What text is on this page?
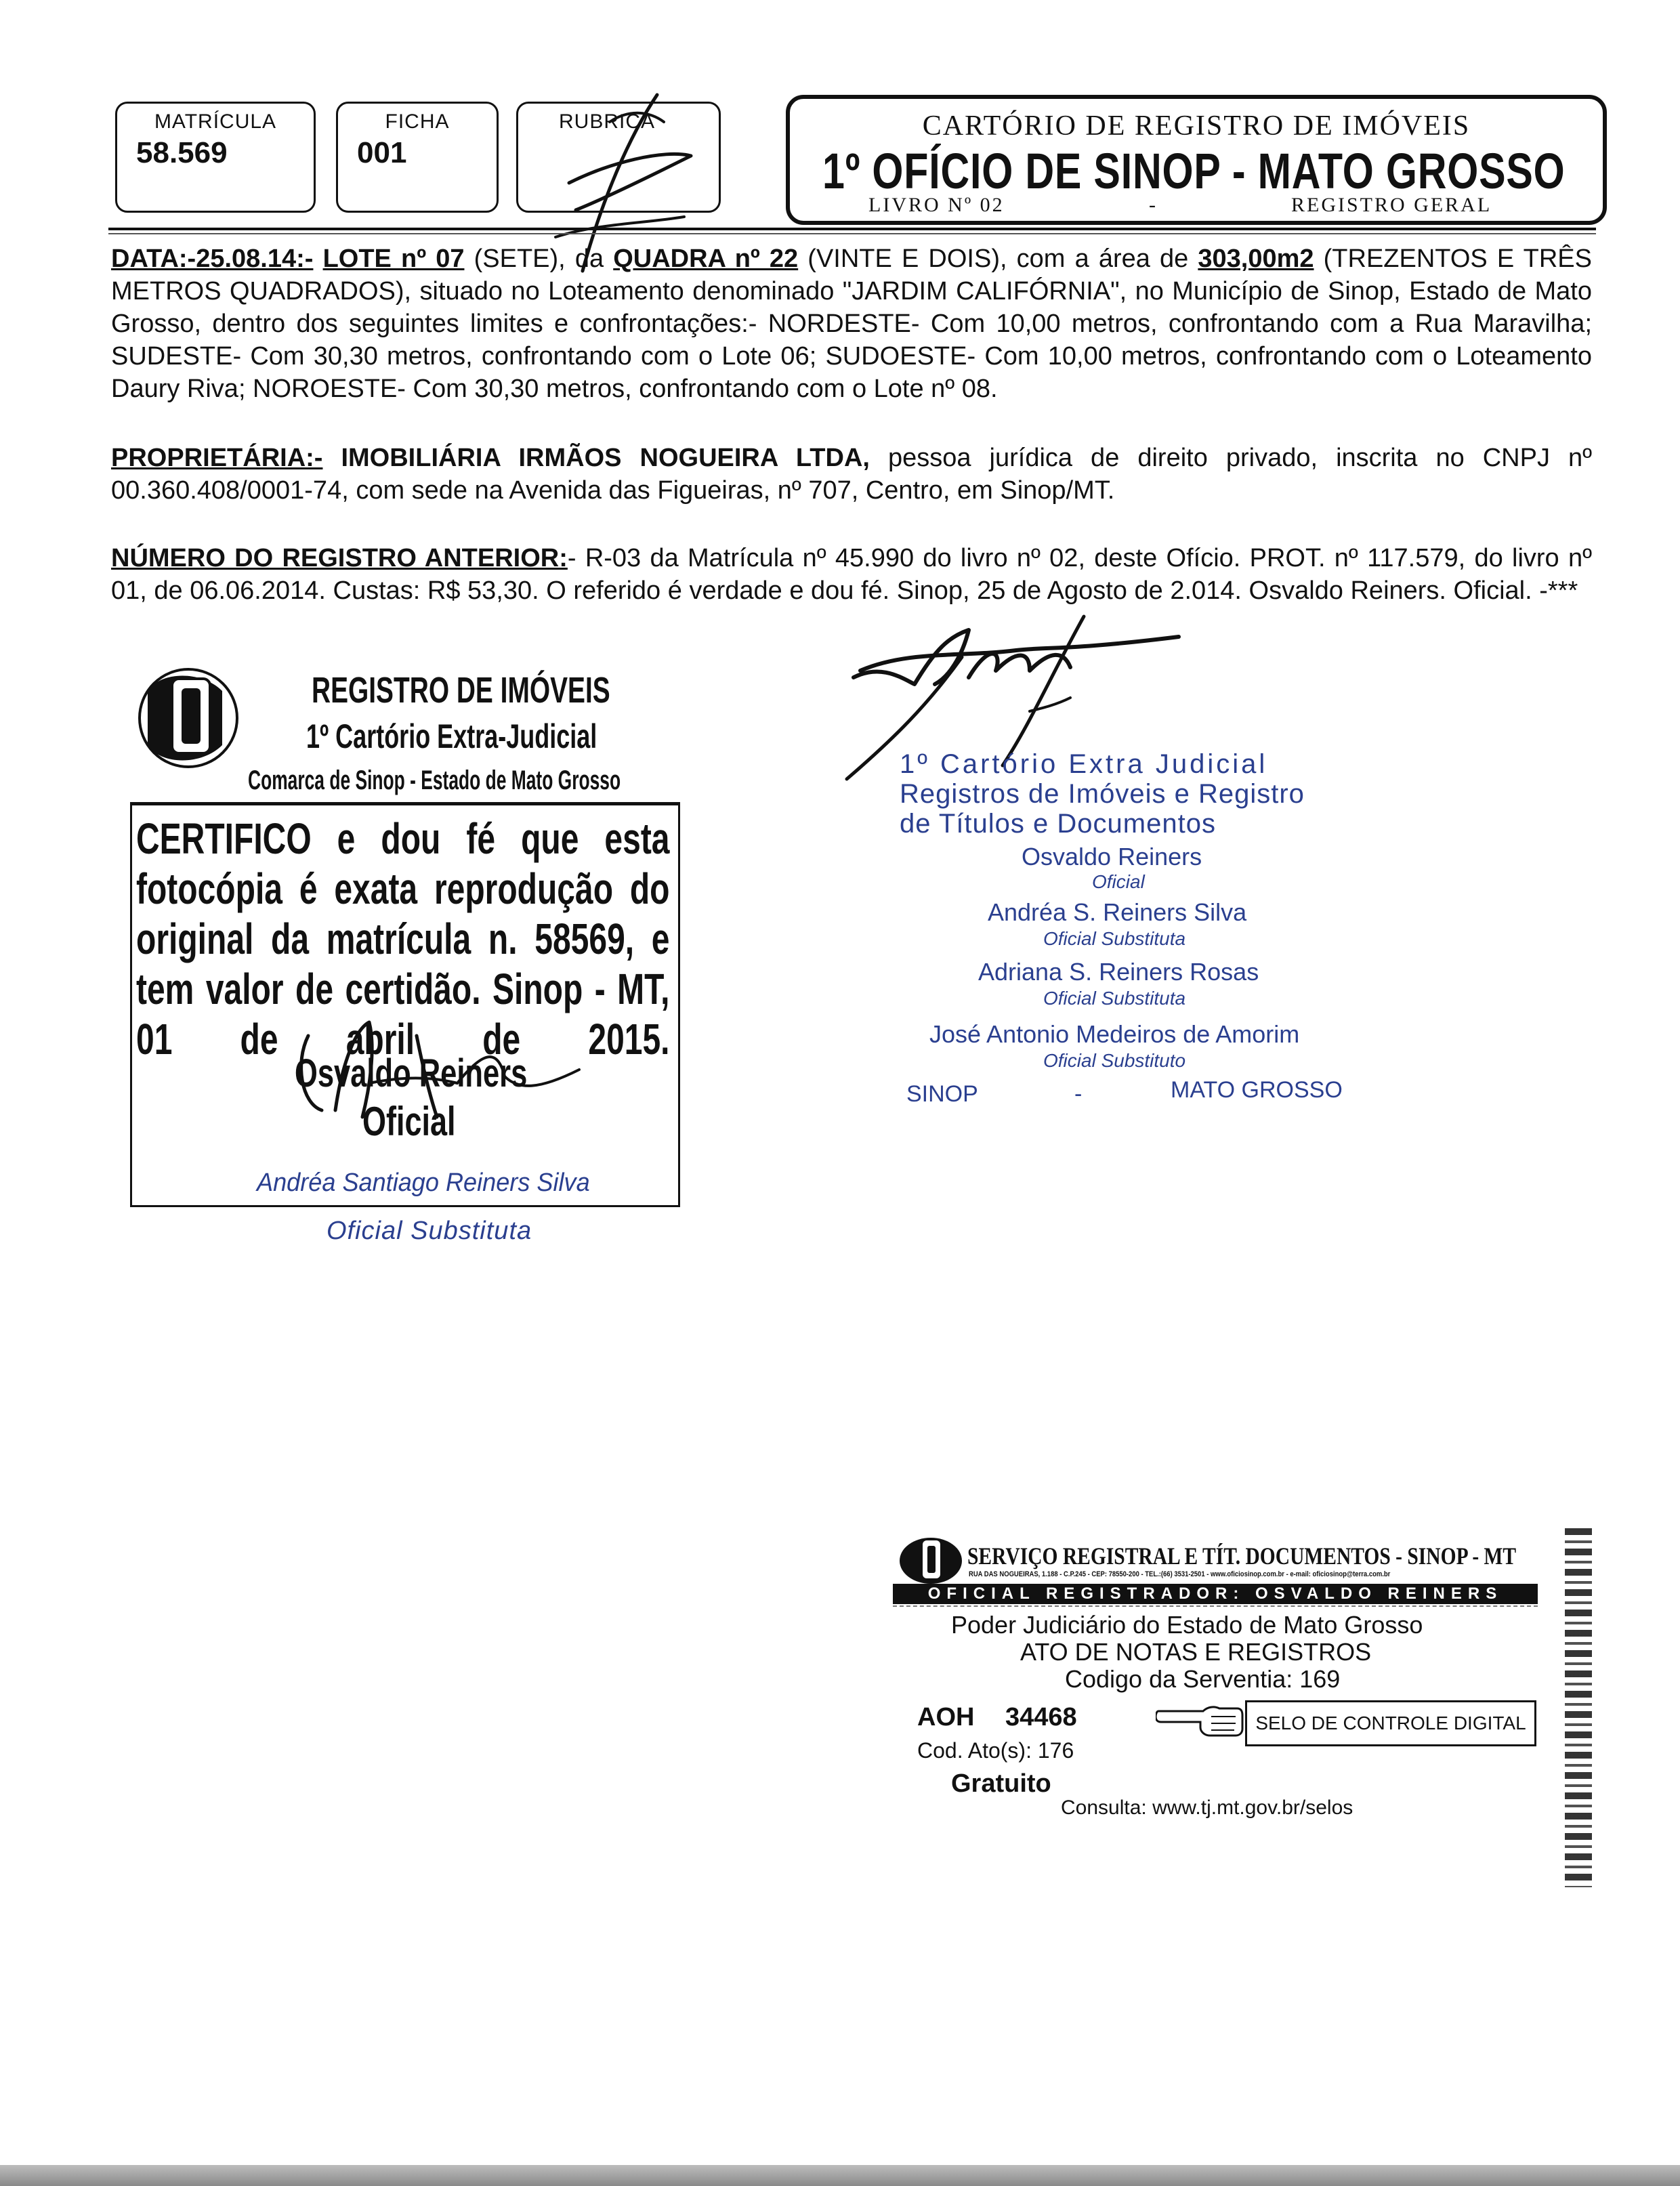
MATRÍCULA
58.569
FICHA
001
RUBRICA	CARTÓRIO DE REGISTRO DE IMÓVEIS
1º OFÍCIO DE SINOP - MATO GROSSO
LIVRO Nº 02	-	REGISTRO GERAL
DATA:-25.08.14:- LOTE nº 07 (SETE), da QUADRA nº 22 (VINTE E DOIS), com a área de 303,00m2 (TREZENTOS E TRÊS METROS QUADRADOS), situado no Loteamento denominado "JARDIM CALIFÓRNIA", no Município de Sinop, Estado de Mato Grosso, dentro dos seguintes limites e confrontações:- NORDESTE- Com 10,00 metros, confrontando com a Rua Maravilha; SUDESTE- Com 30,30 metros, confrontando com o Lote 06; SUDOESTE- Com 10,00 metros, confrontando com o Loteamento Daury Riva; NOROESTE- Com 30,30 metros, confrontando com o Lote nº 08.
PROPRIETÁRIA:- IMOBILIÁRIA IRMÃOS NOGUEIRA LTDA, pessoa jurídica de direito privado, inscrita no CNPJ nº 00.360.408/0001-74, com sede na Avenida das Figueiras, nº 707, Centro, em Sinop/MT.
NÚMERO DO REGISTRO ANTERIOR:- R-03 da Matrícula nº 45.990 do livro nº 02, deste Ofício. PROT. nº 117.579, do livro nº 01, de 06.06.2014. Custas: R$ 53,30. O referido é verdade e dou fé. Sinop, 25 de Agosto de 2.014. Osvaldo Reiners. Oficial. -***
REGISTRO DE IMÓVEIS
1º Cartório Extra-Judicial
Comarca de Sinop - Estado de Mato Grosso
CERTIFICO e dou fé que esta fotocópia é exata reprodução do original da matrícula n. 58569, e tem valor de certidão. Sinop - MT, 01 de abril de 2015.
Osvaldo Reiners
Oficial
Andréa Santiago Reiners Silva
Oficial Substituta
1º Cartório Extra Judicial
Registros de Imóveis e Registro
de Títulos e Documentos
Osvaldo Reiners
Oficial
Andréa S. Reiners Silva
Oficial Substituta
Adriana S. Reiners Rosas
Oficial Substituta
José Antonio Medeiros de Amorim
Oficial Substituto
SINOP	-	MATO GROSSO
SERVIÇO REGISTRAL E TÍT. DOCUMENTOS - SINOP - MT
RUA DAS NOGUEIRAS, 1.188 - C.P.245 - CEP: 78550-200 - TEL.:(66) 3531-2501 - www.oficiosinop.com.br - e-mail: oficiosinop@terra.com.br
OFICIAL REGISTRADOR: OSVALDO REINERS
Poder Judiciário do Estado de Mato Grosso
ATO DE NOTAS E REGISTROS
Codigo da Serventia: 169
AOH 34468	SELO DE CONTROLE DIGITAL
Cod. Ato(s): 176
Gratuito
Consulta: www.tj.mt.gov.br/selos
